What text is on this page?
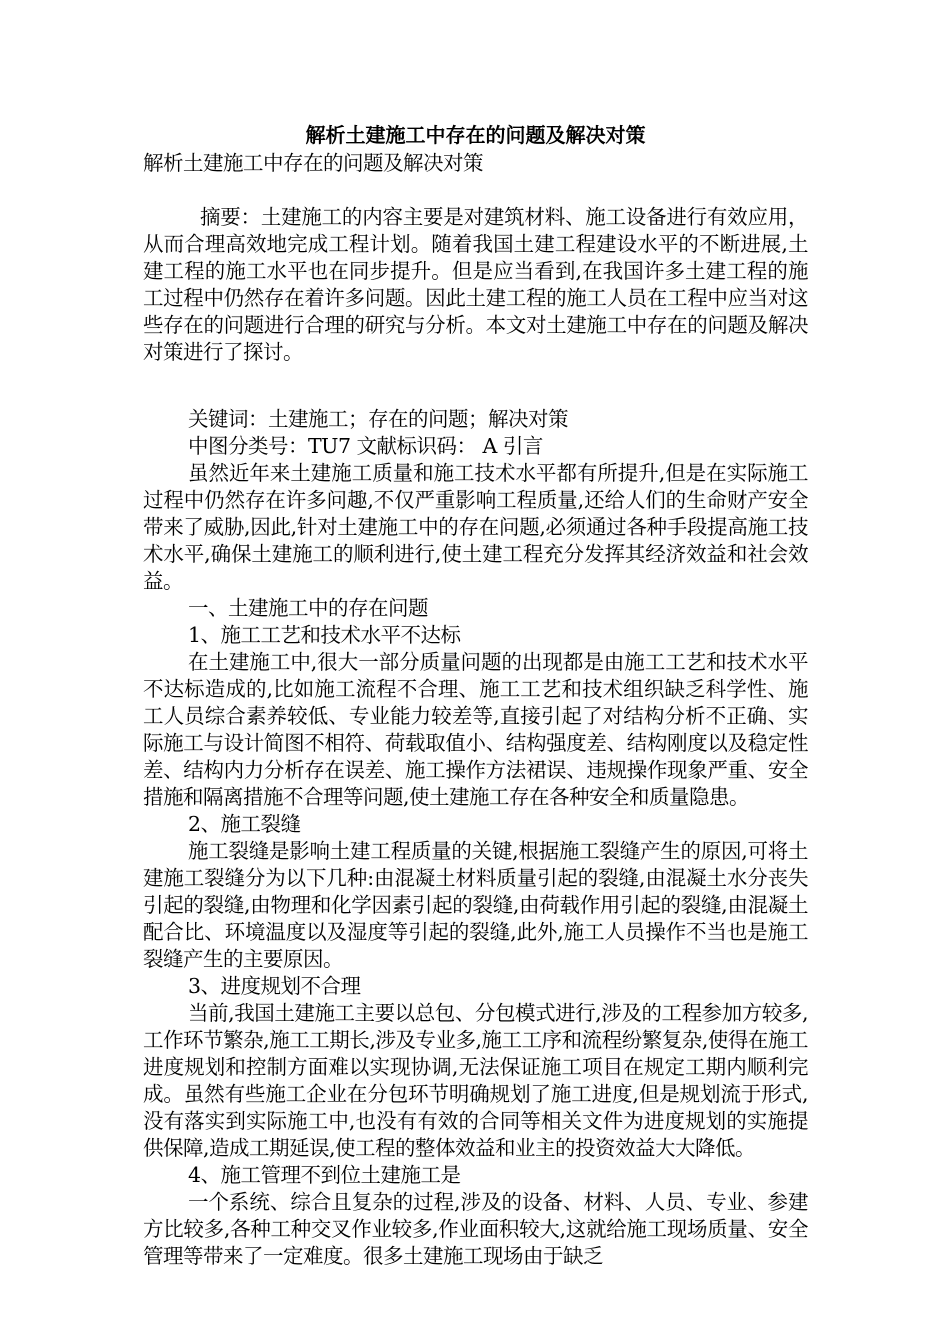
解析土建施工中存在的问题及解决对策

解析土建施工中存在的问题及解决对策

摘要：土建施工的内容主要是对建筑材料、施工设备进行有效应用，从而合理高效地完成工程计划。随着我国土建工程建设水平的不断进展,土建工程的施工水平也在同步提升。但是应当看到,在我国许多土建工程的施工过程中仍然存在着许多问题。因此土建工程的施工人员在工程中应当对这些存在的问题进行合理的研究与分析。本文对土建施工中存在的问题及解决对策进行了探讨。

关键词：土建施工；存在的问题；解决对策

中图分类号：TU7 文献标识码： A 引言

虽然近年来土建施工质量和施工技术水平都有所提升,但是在实际施工过程中仍然存在许多问趣,不仅严重影响工程质量,还给人们的生命财产安全带来了威胁,因此,针对土建施工中的存在问题,必须通过各种手段提高施工技术水平,确保土建施工的顺利进行,使土建工程充分发挥其经济效益和社会效益。

一、土建施工中的存在问题

1、施工工艺和技术水平不达标

在土建施工中,很大一部分质量问题的出现都是由施工工艺和技术水平不达标造成的,比如施工流程不合理、施工工艺和技术组织缺乏科学性、施工人员综合素养较低、专业能力较差等,直接引起了对结构分析不正确、实际施工与设计简图不相符、荷载取值小、结构强度差、结构刚度以及稳定性差、结构内力分析存在误差、施工操作方法裙误、违规操作现象严重、安全措施和隔离措施不合理等问题,使土建施工存在各种安全和质量隐患。

2、施工裂缝

施工裂缝是影响土建工程质量的关键,根据施工裂缝产生的原因,可将土建施工裂缝分为以下几种:由混凝土材料质量引起的裂缝,由混凝土水分丧失引起的裂缝,由物理和化学因素引起的裂缝,由荷载作用引起的裂缝,由混凝土配合比、环境温度以及湿度等引起的裂缝,此外,施工人员操作不当也是施工裂缝产生的主要原因。

3、进度规划不合理

当前,我国土建施工主要以总包、分包模式进行,涉及的工程参加方较多,工作环节繁杂,施工工期长,涉及专业多,施工工序和流程纷繁复杂,使得在施工进度规划和控制方面难以实现协调,无法保证施工项目在规定工期内顺利完成。虽然有些施工企业在分包环节明确规划了施工进度,但是规划流于形式,没有落实到实际施工中,也没有有效的合同等相关文件为进度规划的实施提供保障,造成工期延误,使工程的整体效益和业主的投资效益大大降低。

4、施工管理不到位土建施工是

一个系统、综合且复杂的过程,涉及的设备、材料、人员、专业、参建方比较多,各种工种交叉作业较多,作业面积较大,这就给施工现场质量、安全管理等带来了一定难度。很多土建施工现场由于缺乏
